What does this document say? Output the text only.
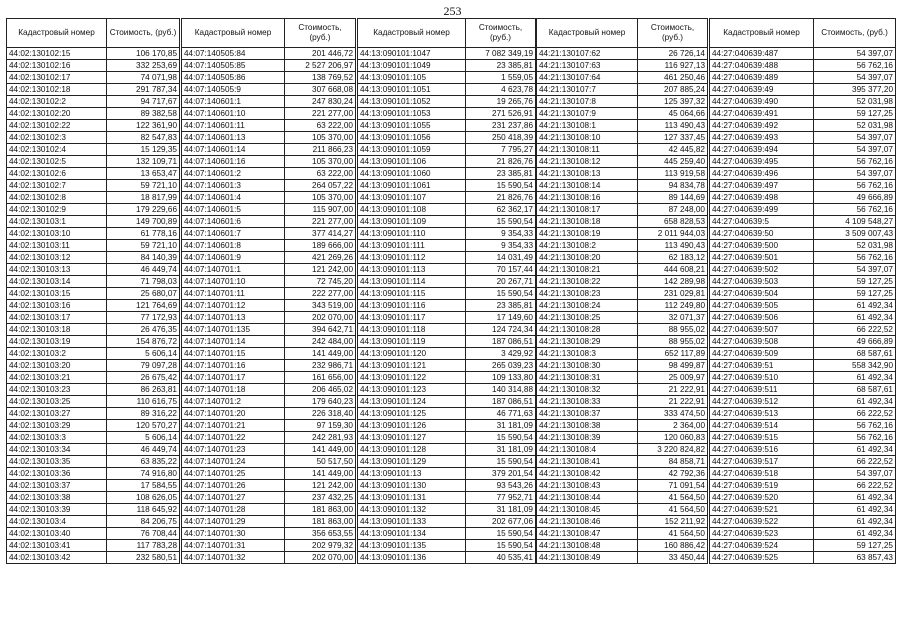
253
Кадастровый номер	Стоимость, (руб.)
44:02:130102:15	106 170,85
44:02:130102:16	332 253,69
44:02:130102:17	74 071,98
44:02:130102:18	291 787,34
44:02:130102:2	94 717,67
44:02:130102:20	89 382,58
44:02:130102:22	122 361,90
44:02:130102:3	82 547,83
44:02:130102:4	15 129,35
44:02:130102:5	132 109,71
44:02:130102:6	13 653,47
44:02:130102:7	59 721,10
44:02:130102:8	18 817,99
44:02:130102:9	179 229,66
44:02:130103:1	149 700,89
44:02:130103:10	61 778,16
44:02:130103:11	59 721,10
44:02:130103:12	84 140,39
44:02:130103:13	46 449,74
44:02:130103:14	71 798,03
44:02:130103:15	25 680,07
44:02:130103:16	121 764,69
44:02:130103:17	77 172,93
44:02:130103:18	26 476,35
44:02:130103:19	154 876,72
44:02:130103:2	5 606,14
44:02:130103:20	79 097,28
44:02:130103:21	26 675,42
44:02:130103:23	86 263,81
44:02:130103:25	110 616,75
44:02:130103:27	89 316,22
44:02:130103:29	120 570,27
44:02:130103:3	5 606,14
44:02:130103:34	46 449,74
44:02:130103:35	63 835,22
44:02:130103:36	74 916,80
44:02:130103:37	17 584,55
44:02:130103:38	108 626,05
44:02:130103:39	118 645,92
44:02:130103:4	84 206,75
44:02:130103:40	76 708,44
44:02:130103:41	117 783,28
44:02:130103:42	232 580,51
Кадастровый номер	Стоимость, (руб.)
44:07:140505:84	201 446,72
44:07:140505:85	2 527 206,97
44:07:140505:86	138 769,52
44:07:140505:9	307 668,08
44:07:140601:1	247 830,24
44:07:140601:10	221 277,00
44:07:140601:11	63 222,00
44:07:140601:13	105 370,00
44:07:140601:14	211 866,23
44:07:140601:16	105 370,00
44:07:140601:2	63 222,00
44:07:140601:3	264 057,22
44:07:140601:4	105 370,00
44:07:140601:5	115 907,00
44:07:140601:6	221 277,00
44:07:140601:7	377 414,27
44:07:140601:8	189 666,00
44:07:140601:9	421 269,26
44:07:140701:1	121 242,00
44:07:140701:10	72 745,20
44:07:140701:11	222 277,00
44:07:140701:12	343 519,00
44:07:140701:13	202 070,00
44:07:140701:135	394 642,71
44:07:140701:14	242 484,00
44:07:140701:15	141 449,00
44:07:140701:16	232 986,71
44:07:140701:17	161 656,00
44:07:140701:18	206 465,02
44:07:140701:2	179 640,23
44:07:140701:20	226 318,40
44:07:140701:21	97 159,30
44:07:140701:22	242 281,93
44:07:140701:23	141 449,00
44:07:140701:24	50 517,50
44:07:140701:25	141 449,00
44:07:140701:26	121 242,00
44:07:140701:27	237 432,25
44:07:140701:28	181 863,00
44:07:140701:29	181 863,00
44:07:140701:30	356 653,55
44:07:140701:31	202 979,32
44:07:140701:32	202 070,00
Кадастровый номер	Стоимость, (руб.)
44:13:090101:1047	7 082 349,19
44:13:090101:1049	23 385,81
44:13:090101:105	1 559,05
44:13:090101:1051	4 623,78
44:13:090101:1052	19 265,76
44:13:090101:1053	271 526,91
44:13:090101:1055	231 237,86
44:13:090101:1056	250 418,39
44:13:090101:1059	7 795,27
44:13:090101:106	21 826,76
44:13:090101:1060	23 385,81
44:13:090101:1061	15 590,54
44:13:090101:107	21 826,76
44:13:090101:108	62 362,17
44:13:090101:109	15 590,54
44:13:090101:110	9 354,33
44:13:090101:111	9 354,33
44:13:090101:112	14 031,49
44:13:090101:113	70 157,44
44:13:090101:114	20 267,71
44:13:090101:115	15 590,54
44:13:090101:116	23 385,81
44:13:090101:117	17 149,60
44:13:090101:118	124 724,34
44:13:090101:119	187 086,51
44:13:090101:120	3 429,92
44:13:090101:121	265 039,23
44:13:090101:122	109 133,80
44:13:090101:123	140 314,88
44:13:090101:124	187 086,51
44:13:090101:125	46 771,63
44:13:090101:126	31 181,09
44:13:090101:127	15 590,54
44:13:090101:128	31 181,09
44:13:090101:129	15 590,54
44:13:090101:13	379 201,54
44:13:090101:130	93 543,26
44:13:090101:131	77 952,71
44:13:090101:132	31 181,09
44:13:090101:133	202 677,06
44:13:090101:134	15 590,54
44:13:090101:135	15 590,54
44:13:090101:136	40 535,41
Кадастровый номер	Стоимость, (руб.)
44:21:130107:62	26 726,14
44:21:130107:63	116 927,13
44:21:130107:64	461 250,46
44:21:130107:7	207 885,24
44:21:130107:8	125 397,32
44:21:130107:9	45 064,66
44:21:130108:1	113 490,43
44:21:130108:10	127 337,45
44:21:130108:11	42 445,82
44:21:130108:12	445 259,40
44:21:130108:13	113 919,58
44:21:130108:14	94 834,78
44:21:130108:16	89 144,69
44:21:130108:17	87 248,00
44:21:130108:18	658 828,53
44:21:130108:19	2 011 944,03
44:21:130108:2	113 490,43
44:21:130108:20	62 183,12
44:21:130108:21	444 608,21
44:21:130108:22	142 289,98
44:21:130108:23	231 029,81
44:21:130108:24	112 249,80
44:21:130108:25	32 071,37
44:21:130108:28	88 955,02
44:21:130108:29	88 955,02
44:21:130108:3	652 117,89
44:21:130108:30	98 499,87
44:21:130108:31	25 009,97
44:21:130108:32	21 222,91
44:21:130108:33	21 222,91
44:21:130108:37	333 474,50
44:21:130108:38	2 364,00
44:21:130108:39	120 060,83
44:21:130108:4	3 220 824,82
44:21:130108:41	84 858,71
44:21:130108:42	42 792,36
44:21:130108:43	71 091,54
44:21:130108:44	41 564,50
44:21:130108:45	41 564,50
44:21:130108:46	152 211,92
44:21:130108:47	41 564,50
44:21:130108:48	160 886,42
44:21:130108:49	33 450,44
Кадастровый номер	Стоимость, (руб.)
44:27:040639:487	54 397,07
44:27:040639:488	56 762,16
44:27:040639:489	54 397,07
44:27:040639:49	395 377,20
44:27:040639:490	52 031,98
44:27:040639:491	59 127,25
44:27:040639:492	52 031,98
44:27:040639:493	54 397,07
44:27:040639:494	54 397,07
44:27:040639:495	56 762,16
44:27:040639:496	54 397,07
44:27:040639:497	56 762,16
44:27:040639:498	49 666,89
44:27:040639:499	56 762,16
44:27:040639:5	4 109 548,27
44:27:040639:50	3 509 007,43
44:27:040639:500	52 031,98
44:27:040639:501	56 762,16
44:27:040639:502	54 397,07
44:27:040639:503	59 127,25
44:27:040639:504	59 127,25
44:27:040639:505	61 492,34
44:27:040639:506	61 492,34
44:27:040639:507	66 222,52
44:27:040639:508	49 666,89
44:27:040639:509	68 587,61
44:27:040639:51	558 342,90
44:27:040639:510	61 492,34
44:27:040639:511	68 587,61
44:27:040639:512	61 492,34
44:27:040639:513	66 222,52
44:27:040639:514	56 762,16
44:27:040639:515	56 762,16
44:27:040639:516	61 492,34
44:27:040639:517	66 222,52
44:27:040639:518	54 397,07
44:27:040639:519	66 222,52
44:27:040639:520	61 492,34
44:27:040639:521	61 492,34
44:27:040639:522	61 492,34
44:27:040639:523	61 492,34
44:27:040639:524	59 127,25
44:27:040639:525	63 857,43
